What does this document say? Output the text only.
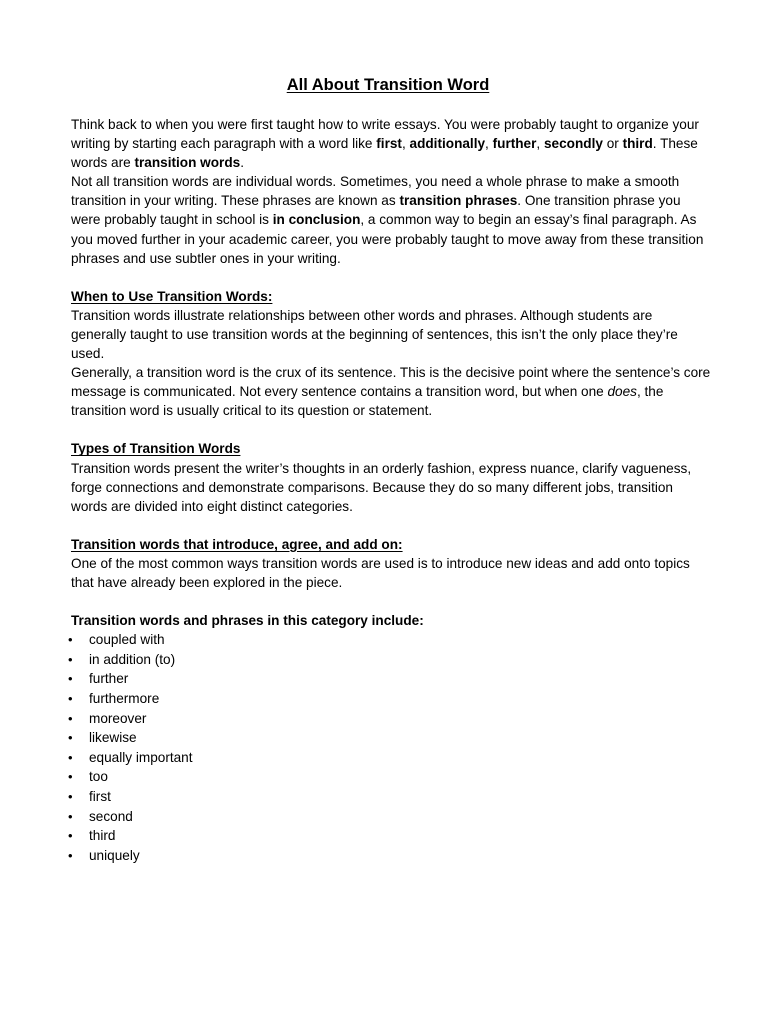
All About Transition Word

Think back to when you were first taught how to write essays. You were probably taught to organize your writing by starting each paragraph with a word like first, additionally, further, secondly or third. These words are transition words.

Not all transition words are individual words. Sometimes, you need a whole phrase to make a smooth transition in your writing. These phrases are known as transition phrases. One transition phrase you were probably taught in school is in conclusion, a common way to begin an essay’s final paragraph. As you moved further in your academic career, you were probably taught to move away from these transition phrases and use subtler ones in your writing.

When to Use Transition Words:

Transition words illustrate relationships between other words and phrases. Although students are generally taught to use transition words at the beginning of sentences, this isn’t the only place they’re used.

Generally, a transition word is the crux of its sentence. This is the decisive point where the sentence’s core message is communicated. Not every sentence contains a transition word, but when one does, the transition word is usually critical to its question or statement.

Types of Transition Words

Transition words present the writer’s thoughts in an orderly fashion, express nuance, clarify vagueness, forge connections and demonstrate comparisons. Because they do so many different jobs, transition words are divided into eight distinct categories.

Transition words that introduce, agree, and add on:

One of the most common ways transition words are used is to introduce new ideas and add onto topics that have already been explored in the piece.

Transition words and phrases in this category include:

• coupled with
• in addition (to)
• further
• furthermore
• moreover
• likewise
• equally important
• too
• first
• second
• third
• uniquely
